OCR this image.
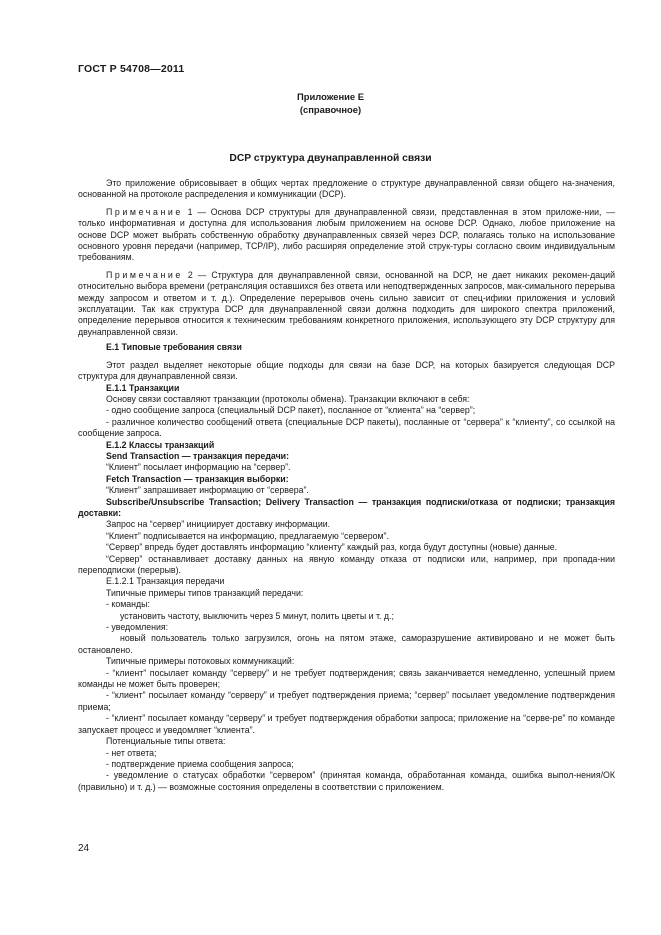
ГОСТ Р 54708—2011
Приложение Е
(справочное)
DCP структура двунаправленной связи

Это приложение обрисовывает в общих чертах предложение о структуре двунаправленной связи общего на-значения, основанной на протоколе распределения и коммуникации (DCP).

Примечание 1 — Основа DCP структуры для двунаправленной связи, представленная в этом приложе-нии, — только информативная и доступна для использования любым приложением на основе DCP. Однако, любое приложение на основе DCP может выбрать собственную обработку двунаправленных связей через DCP, полагаясь только на использование основного уровня передачи (например, TCP/IP), либо расширяя определение этой струк-туры согласно своим индивидуальным требованиям.

Примечание 2 — Структура для двунаправленной связи, основанной на DCP, не дает никаких рекомен-даций относительно выбора времени (ретрансляция оставшихся без ответа или неподтвержденных запросов, мак-симального перерыва между запросом и ответом и т. д.). Определение перерывов очень сильно зависит от спец-ифики приложения и условий эксплуатации. Так как структура DCP для двунаправленной связи должна подходить для широкого спектра приложений, определение перерывов относится к техническим требованиям конкретного приложения, использующего эту DCP структуру для двунаправленной связи.

Е.1 Типовые требования связи

Этот раздел выделяет некоторые общие подходы для связи на базе DCP, на которых базируется следующая DCP структура для двунаправленной связи.

Е.1.1 Транзакции

Основу связи составляют транзакции (протоколы обмена). Транзакции включают в себя:

- одно сообщение запроса (специальный DCP пакет), посланное от “клиента” на “сервер”;

- различное количество сообщений ответа (специальные DCP пакеты), посланные от “сервера” к “клиенту”, со ссылкой на сообщение запроса.

Е.1.2 Классы транзакций

Send Transaction — транзакция передачи:

“Клиент” посылает информацию на “сервер”.

Fetch Transaction — транзакция выборки:

“Клиент” запрашивает информацию от “сервера”.

Subscribe/Unsubscribe Transaction; Delivery Transaction — транзакция подписки/отказа от подписки; транзакция доставки:

Запрос на “сервер” инициирует доставку информации.

“Клиент” подписывается на информацию, предлагаемую “сервером”.

“Сервер” впредь будет доставлять информацию “клиенту” каждый раз, когда будут доступны (новые) данные.

“Сервер” останавливает доставку данных на явную команду отказа от подписки или, например, при пропада-нии переподписки (перерыв).

Е.1.2.1 Транзакция передачи

Типичные примеры типов транзакций передачи:

- команды:

установить частоту, выключить через 5 минут, полить цветы и т. д.;

- уведомления:

новый пользователь только загрузился, огонь на пятом этаже, саморазрушение активировано и не может быть остановлено.

Типичные примеры потоковых коммуникаций:

- “клиент” посылает команду “серверу” и не требует подтверждения; связь заканчивается немедленно, успешный прием команды не может быть проверен;

- “клиент” посылает команду “серверу” и требует подтверждения приема; “сервер” посылает уведомление подтверждения приема;

- “клиент” посылает команду “серверу” и требует подтверждения обработки запроса; приложение на “серве-ре” по команде запускает процесс и уведомляет “клиента”.

Потенциальные типы ответа:

- нет ответа;

- подтверждение приема сообщения запроса;

- уведомление о статусах обработки “сервером” (принятая команда, обработанная команда, ошибка выпол-нения/ОК (правильно) и т. д.) — возможные состояния определены в соответствии с приложением.

24
